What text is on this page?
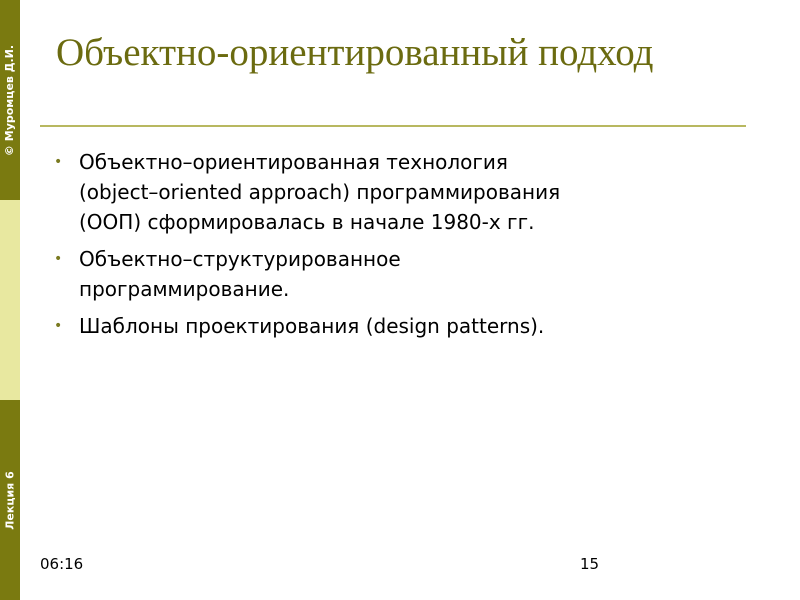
© Муромцев Д.И.
Лекция 6
Объектно-ориентированный подход
• Объектно–ориентированная технология
(object–oriented approach) программирования
(ООП) сформировалась в начале 1980-х гг.
• Объектно–структурированное
программирование.
• Шаблоны проектирования (design patterns).
06:16	15
